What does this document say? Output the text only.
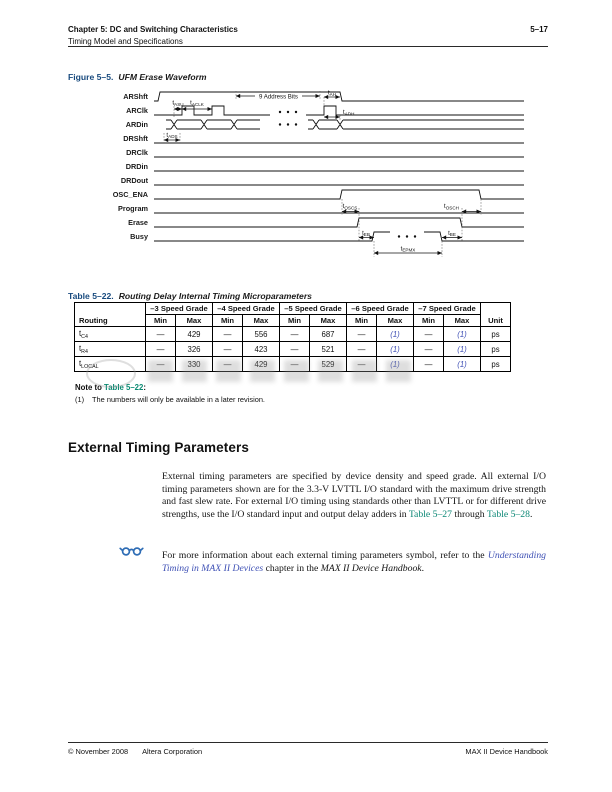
Chapter 5: DC and Switching Characteristics
Timing Model and Specifications
5–17
Figure 5–5. UFM Erase Waveform
ARShft
ARClk
ARDin
DRShft
DRClk
DRDin
DRDout
OSC_ENA
Program
Erase
Busy
$t_{ASU}$ $t_{ACLK}$
9 Address Bits
$t_{AH}$
$t_{ADH}$
$t_{ADS}$
$t_{OSCS}$	$t_{OSCH}$
$t_{EB}$	$t_{BE}$
$t_{EPMX}$
Table 5–22. Routing Delay Internal Timing Microparameters
Routing	–3 Speed Grade		–4 Speed Grade		–5 Speed Grade		–6 Speed Grade		–7 Speed Grade		Unit
	Min	Max	Min	Max	Min	Max	Min	Max	Min	Max	
$t_{C4}$	—	429	—	556	—	687	—	(1)	—	(1)	ps
$t_{R4}$	—	326	—	423	—	521	—	(1)	—	(1)	ps
$t_{LOCAL}$	—	330	—	429	—	529	—	(1)	—	(1)	ps
Note to Table 5–22:
(1) The numbers will only be available in a later revision.
External Timing Parameters

External timing parameters are specified by device density and speed grade. All external I/O timing parameters shown are for the 3.3-V LVTTL I/O standard with the maximum drive strength and fast slew rate. For external I/O timing using standards other than LVTTL or for different drive strengths, use the I/O standard input and output delay adders in Table 5–27 through Table 5–28.

For more information about each external timing parameters symbol, refer to the Understanding Timing in MAX II Devices chapter in the MAX II Device Handbook.

© November 2008 Altera Corporation	MAX II Device Handbook
